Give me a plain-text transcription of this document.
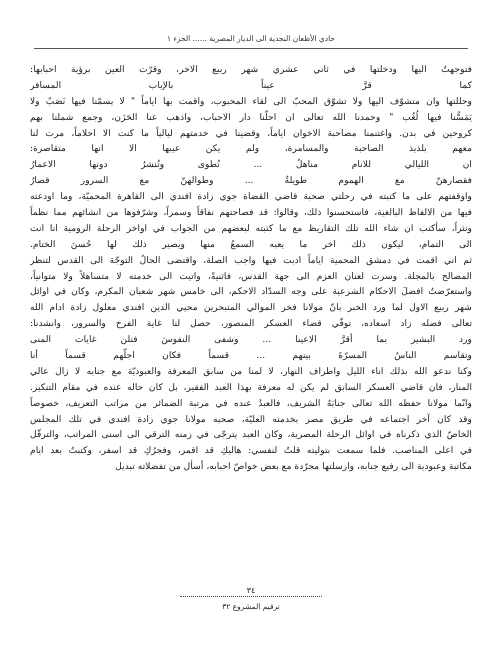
حادي الأظعان النجدية الى الديار المصرية ...... الجزء ١
فتوجهتُ اليها ودخلتها في ثاني عشري شهر ربيع الاخر، وقرّت العين برؤية احبابها:
كما قرَّ عيناً بالإياب المسافر
وحللتها وان متشوّف اليها ولا تشوّق المحبّ الى لقاء المحبوب، واقمت بها اياماً " لا يسمّنا فيها نَصَبٌ ولا
يَمَسُّنا فيها لُغُب " وحمدنا الله تعالى ان احلَّنا دار الاحباب، واذهب عنا الحَزَن، وجمع شملنا بهم
كروحين في بدن. واغتنمنا مصاحبة الاخوان اياماً، وقضينا في خدمتهم ليالياً ما كنت الا احلاماً، مرت لنا
معهم بلذيذ الصاحبة والمسامرة، ولم يكن عيبها الا انها متقاصرة:
ان الليالي للانام مناهلُ ... تُطوى وتُنشرُ دونها الاعمارُ
فقصارهنّ مع الهموم طويلةٌ ... وطوالهنّ مع السرور قصارُ
واوقفتهم على ما كتبته في رحلتي صحبة قاضي القضاة جوي زادة افندي الى القاهرة المحميّة، وما اودعته
فيها من الالفاظ البالغية، فاستحسنوا ذلك، وقالوا: قد فصاحتهم نفاقاً وسمراً، وشرّفوها من انشائهم مما نظماً
ونثراً، سأكتب ان شاء الله تلك التقاريظ مع ما كتبته لبعضهم من الجواب في اواخر الرحلة الرومية انا انت
الى التمام، ليكون ذلك اخر ما يعبه السمعُ منها ويصير ذلك لها حُسنَ الختام.
ثم اني اقمت في دمشق المحمية اياماً ادبت فيها واجب الصلة، واقتضى الحالُ التوجّهَ الى القدس لتنظر
المصالح بالمجلة. وسرت لعنان العزم الى جهة القدس، فاثنيةً، واتيت الى خدمته لا متساهلاً ولا متوانياً،
واستعرّضتُ افضلَ الاحكام الشرعية على وجه السدّاد الاحكم، الى خامس شهر شعبان المكرم، وكان في اوائل
شهر ربيع الاول لما ورد الخبر بانّ مولانا فخر الموالي المتبحرين محيي الدين افندي معلول زادة ادام الله
تعالى فضله زاد اسعاده، توفّي قضاء العسكر المنصور، حصل لنا غاية الفرح والسرور، وانشدنا:
ورد البشير بما أقرَّ الاعينا ... وشفى النفوسَ فنلن غايات المنى
وتقاسم الناسُ المسرّةَ بينهم ... قسماً فكان اجلّهم قسماً أنا
وكنا ندعو الله بذلك اناء الليل واطراف النهار، لا لمنا من سابق المعرفة والعبوديّة مع جنابه لا زال عالي
المنار، فان قاضي العسكر السابق لم يكن له معرفة بهذا العبد الفقير، بل كان حاله عنده في مقام التنكير.
وانّما مولانا حفظه الله تعالى جنابَهُ الشريف، فالعبدُ عنده في مرتبة الضمائر من مراتب التعريف، خصوصاً
وقد كان آخر اجتماعه في طريق مصر بخدمته العليّة، صحبه مولانا جوي زادة افندي في تلك المجلس
الخاصّ الذي ذكرناه في اوائل الرحلة المصرية، وكان العبد يترجّى في زمنه الترقي الى اسنى المراتب، والترقّل
في اعلى المناصب. فلما سمعت بتوليته قلتُ لنفسي: هاليكِ قد اقمر، وفجرُكِ قد اسفر، وكتبتُ بعد ايام
مكاتبة وعبودية الى رفيع جنابه، وارسلتها مجرّدة مع بعض خواصّ احبابه، أسأل من تفضلاته تبديل
٣٤
ترقيم المشروع ٣٢
